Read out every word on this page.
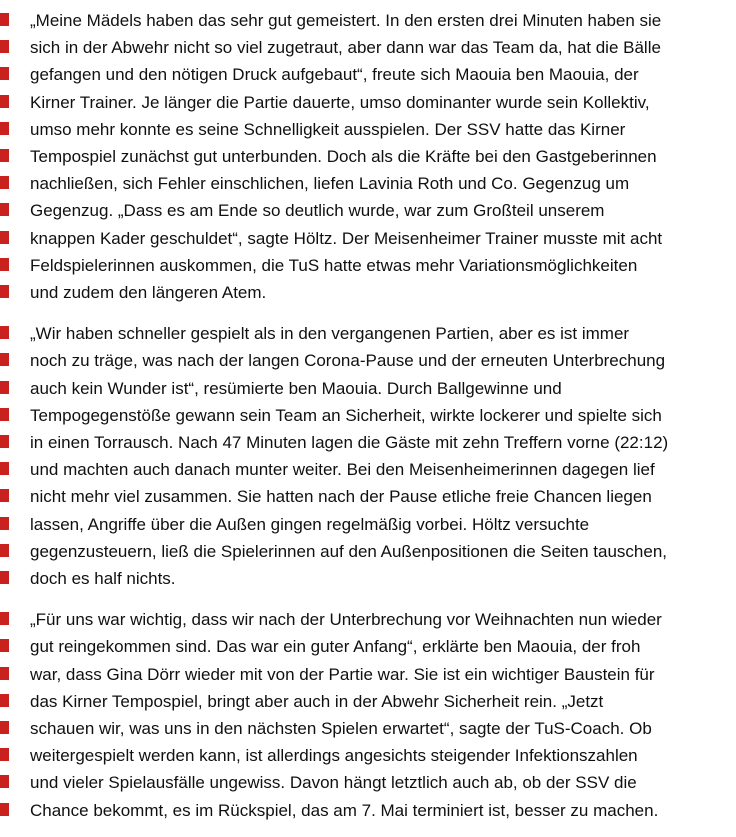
„Meine Mädels haben das sehr gut gemeistert. In den ersten drei Minuten haben sie
sich in der Abwehr nicht so viel zugetraut, aber dann war das Team da, hat die Bälle
gefangen und den nötigen Druck aufgebaut“, freute sich Maouia ben Maouia, der
Kirner Trainer. Je länger die Partie dauerte, umso dominanter wurde sein Kollektiv,
umso mehr konnte es seine Schnelligkeit ausspielen. Der SSV hatte das Kirner
Tempospiel zunächst gut unterbunden. Doch als die Kräfte bei den Gastgeberinnen
nachließen, sich Fehler einschlichen, liefen Lavinia Roth und Co. Gegenzug um
Gegenzug. „Dass es am Ende so deutlich wurde, war zum Großteil unserem
knappen Kader geschuldet“, sagte Höltz. Der Meisenheimer Trainer musste mit acht
Feldspielerinnen auskommen, die TuS hatte etwas mehr Variationsmöglichkeiten
und zudem den längeren Atem.
„Wir haben schneller gespielt als in den vergangenen Partien, aber es ist immer
noch zu träge, was nach der langen Corona-Pause und der erneuten Unterbrechung
auch kein Wunder ist“, resümierte ben Maouia. Durch Ballgewinne und
Tempogegenstöße gewann sein Team an Sicherheit, wirkte lockerer und spielte sich
in einen Torrausch. Nach 47 Minuten lagen die Gäste mit zehn Treffern vorne (22:12)
und machten auch danach munter weiter. Bei den Meisenheimerinnen dagegen lief
nicht mehr viel zusammen. Sie hatten nach der Pause etliche freie Chancen liegen
lassen, Angriffe über die Außen gingen regelmäßig vorbei. Höltz versuchte
gegenzusteuern, ließ die Spielerinnen auf den Außenpositionen die Seiten tauschen,
doch es half nichts.
„Für uns war wichtig, dass wir nach der Unterbrechung vor Weihnachten nun wieder
gut reingekommen sind. Das war ein guter Anfang“, erklärte ben Maouia, der froh
war, dass Gina Dörr wieder mit von der Partie war. Sie ist ein wichtiger Baustein für
das Kirner Tempospiel, bringt aber auch in der Abwehr Sicherheit rein. „Jetzt
schauen wir, was uns in den nächsten Spielen erwartet“, sagte der TuS-Coach. Ob
weitergespielt werden kann, ist allerdings angesichts steigender Infektionszahlen
und vieler Spielausfälle ungewiss. Davon hängt letztlich auch ab, ob der SSV die
Chance bekommt, es im Rückspiel, das am 7. Mai terminiert ist, besser zu machen.
